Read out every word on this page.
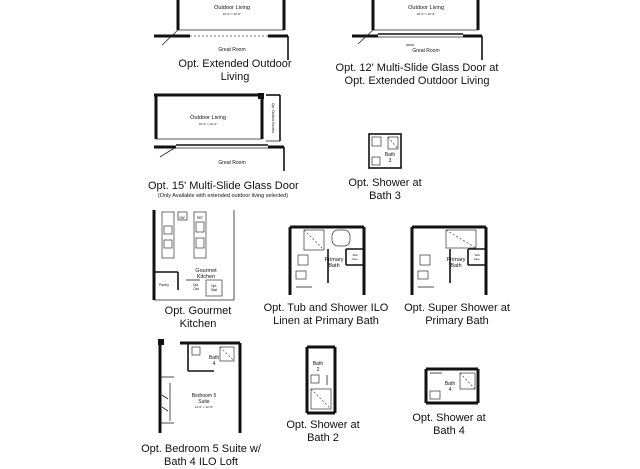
Outdoor Living
16'-0" x 10'-0"
Great Room
Opt. Extended Outdoor
Living
Outdoor Living
16'-0" x 10'-0"
Great Room
Opt. 12' Multi-Slide Glass Door at
Opt. Extended Outdoor Living
Outdoor Living
16'-0" x 10'-0"
Great Room
Opt. Outdoor Kitchen
Opt. 15' Multi-Slide Glass Door
(Only Available with extended outdoor living selected)
Bath
3
Opt. Shower at
Bath 3
DW	REF
Gourmet
Kitchen
Pantry	Opt.
Cab
Opt.
Wall
Opt. Gourmet
Kitchen
Primary
Bath
Wal
Clos.
Opt. Tub and Shower ILO
Linen at Primary Bath
Primary
Bath
Wal
Clos.
Opt. Super Shower at
Primary Bath
Bath
4
Bedroom 5
Suite
11'-0" x 12'-0"
Opt. Bedroom 5 Suite w/
Bath 4 ILO Loft
Bath
2
Opt. Shower at
Bath 2
Bath
4
Opt. Shower at
Bath 4
